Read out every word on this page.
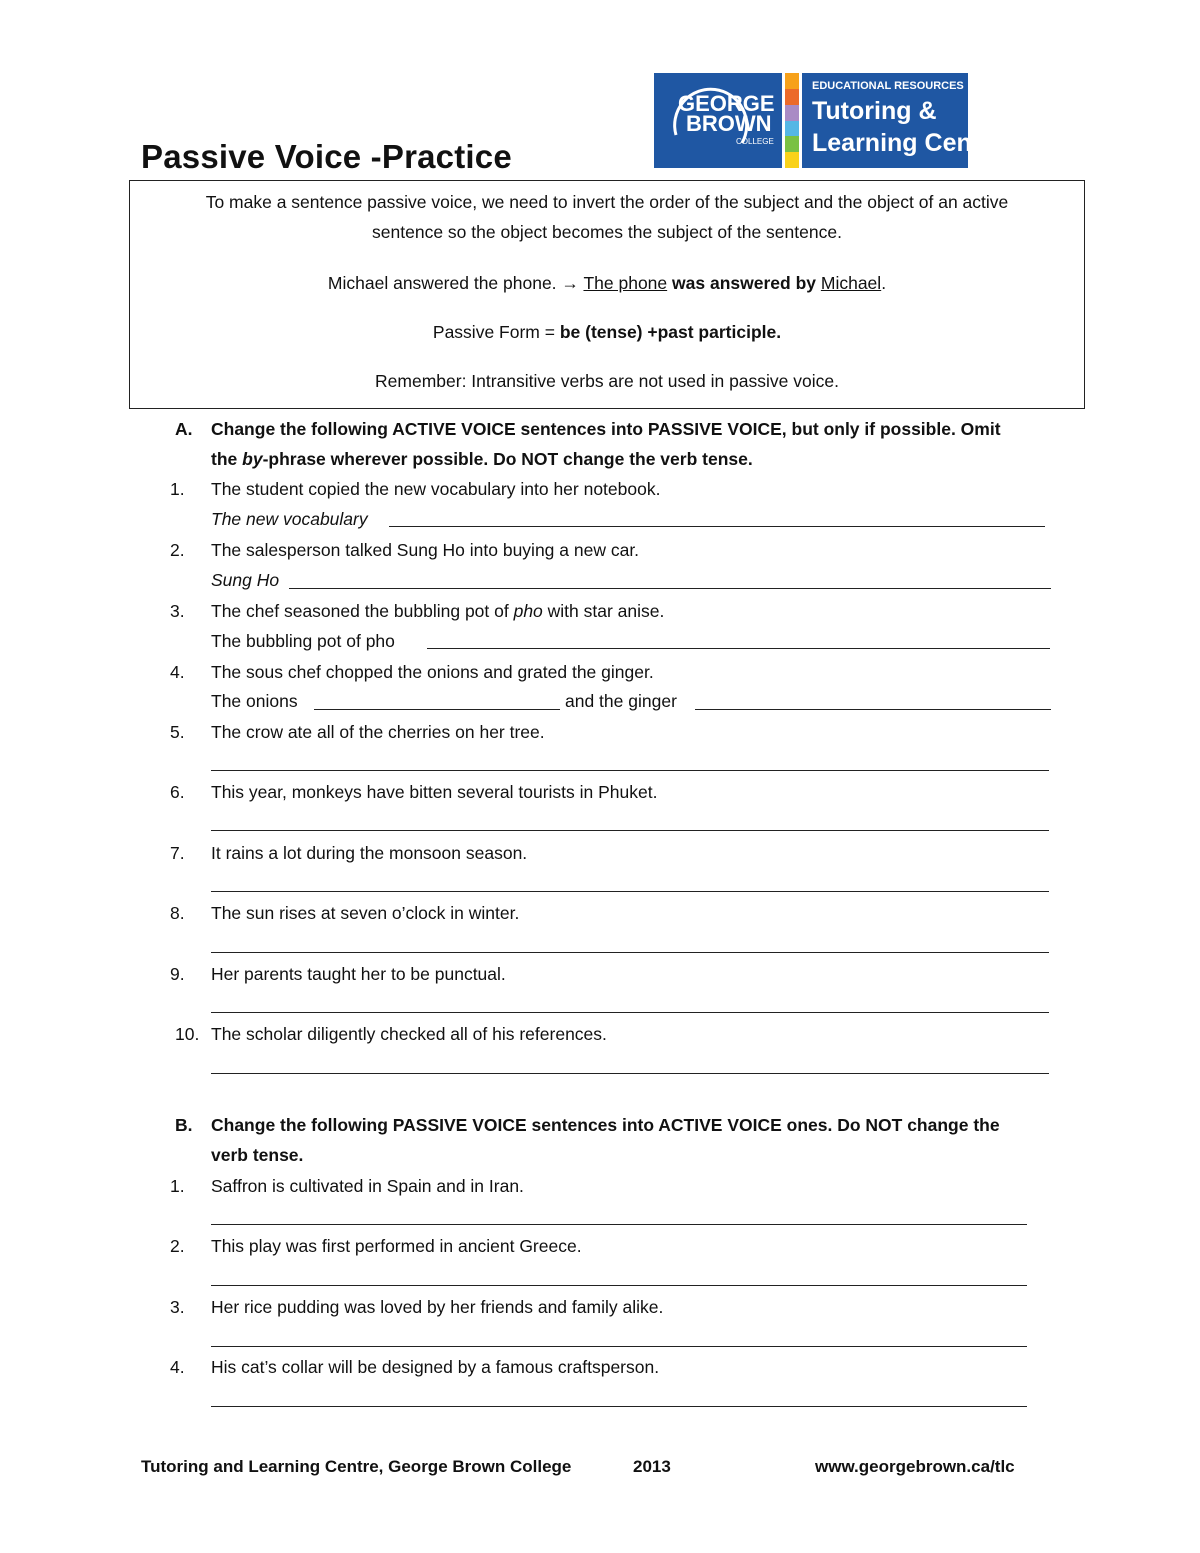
Passive Voice -Practice
GEORGE
BROWN
COLLEGE
EDUCATIONAL RESOURCES
Tutoring &
Learning Centre

To make a sentence passive voice, we need to invert the order of the subject and the object of an active
sentence so the object becomes the subject of the sentence.

Michael answered the phone. → The phone was answered by Michael.

Passive Form = be (tense) +past participle.

Remember: Intransitive verbs are not used in passive voice.

A.	Change the following ACTIVE VOICE sentences into PASSIVE VOICE, but only if possible. Omit
the by-phrase wherever possible. Do NOT change the verb tense.
1.	The student copied the new vocabulary into her notebook.
The new vocabulary
2.	The salesperson talked Sung Ho into buying a new car.
Sung Ho
3.	The chef seasoned the bubbling pot of pho with star anise.
The bubbling pot of pho
4.	The sous chef chopped the onions and grated the ginger.
The onions	and the ginger
5.	The crow ate all of the cherries on her tree.
6.	This year, monkeys have bitten several tourists in Phuket.
7.	It rains a lot during the monsoon season.
8.	The sun rises at seven o’clock in winter.
9.	Her parents taught her to be punctual.
10. The scholar diligently checked all of his references.
B.	Change the following PASSIVE VOICE sentences into ACTIVE VOICE ones. Do NOT change the
verb tense.
1.	Saffron is cultivated in Spain and in Iran.
2.	This play was first performed in ancient Greece.
3.	Her rice pudding was loved by her friends and family alike.
4.	His cat’s collar will be designed by a famous craftsperson.
Tutoring and Learning Centre, George Brown College	2013	www.georgebrown.ca/tlc
